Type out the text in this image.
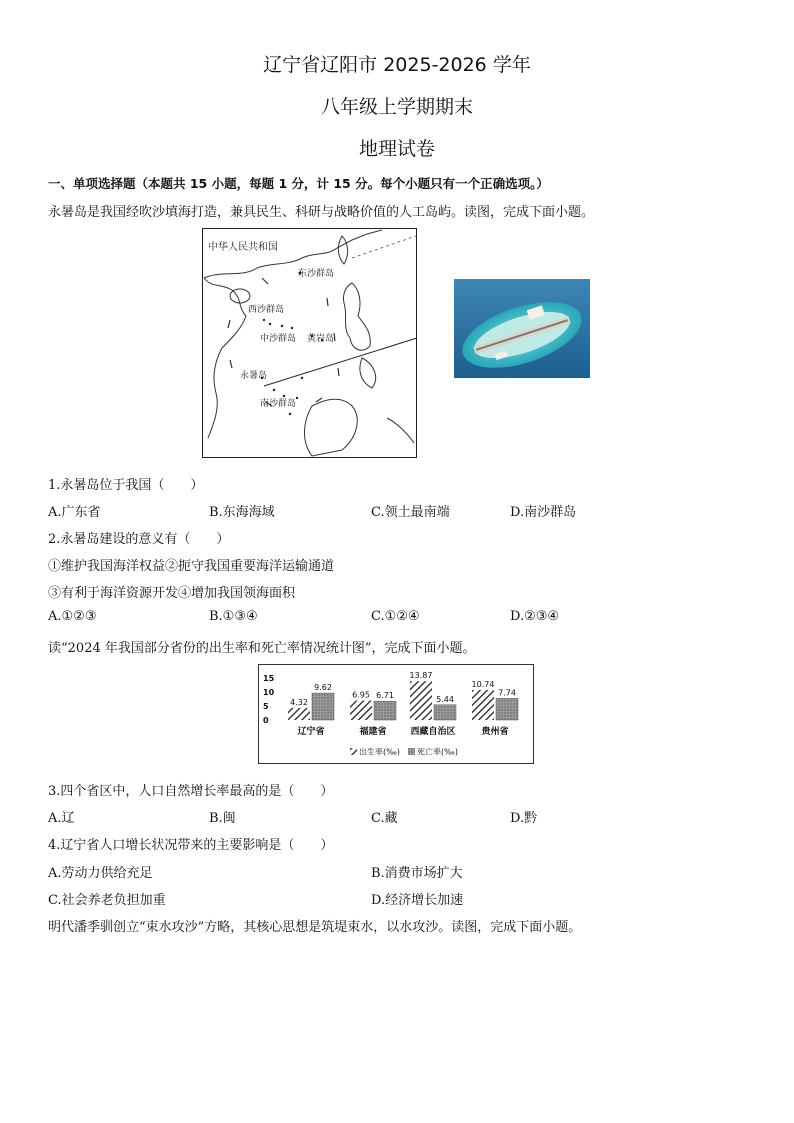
辽宁省辽阳市 2025-2026 学年
八年级上学期期末
地理试卷
一、单项选择题（本题共 15 小题，每题 1 分，计 15 分。每个小题只有一个正确选项。）
永暑岛是我国经吹沙填海打造，兼具民生、科研与战略价值的人工岛屿。读图，完成下面小题。
中华人民共和国
东沙群岛
西沙群岛
中沙群岛 黄岩岛
永暑岛
南沙群岛
1.永暑岛位于我国（　　）
A.广东省	B.东海海域	C.领土最南端	D.南沙群岛
2.永暑岛建设的意义有（　　）
①维护我国海洋权益②扼守我国重要海洋运输通道
③有利于海洋资源开发④增加我国领海面积
A.①②③	B.①③④	C.①②④	D.②③④
读“2024 年我国部分省份的出生率和死亡率情况统计图”，完成下面小题。
15
10
5
0
4.32
9.62
辽宁省
6.95 6.71
福建省
13.87
5.44
西藏自治区
10.74
7.74
贵州省
出生率(‰) 死亡率(‰)
3.四个省区中，人口自然增长率最高的是（　　）
A.辽	B.闽	C.藏	D.黔
4.辽宁省人口增长状况带来的主要影响是（　　）
A.劳动力供给充足	B.消费市场扩大
C.社会养老负担加重	D.经济增长加速
明代潘季驯创立“束水攻沙”方略，其核心思想是筑堤束水，以水攻沙。读图，完成下面小题。
